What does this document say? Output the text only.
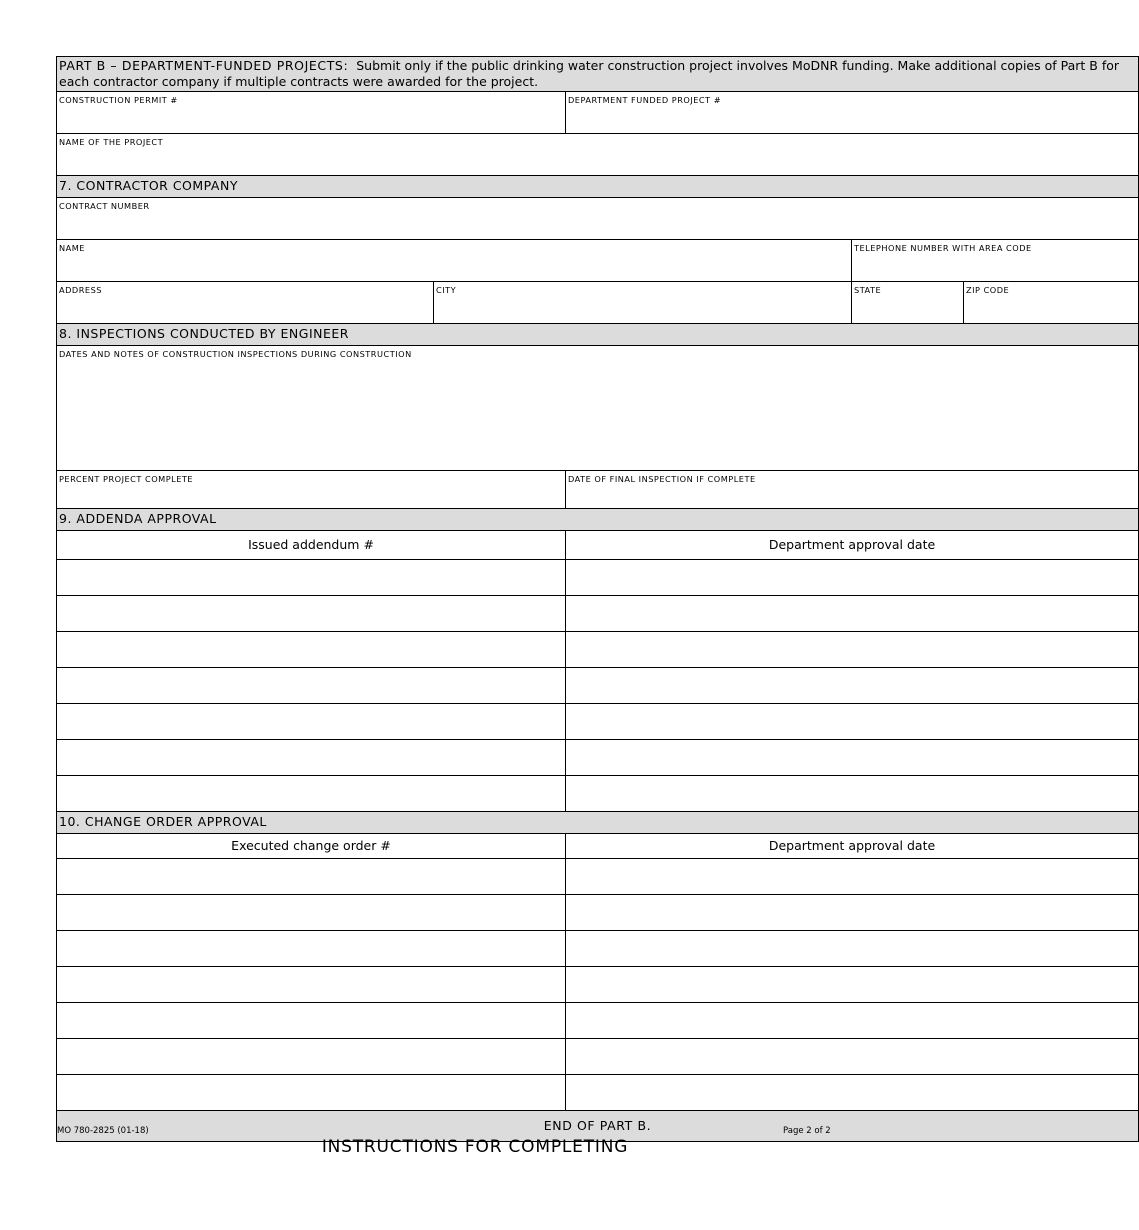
PART B – DEPARTMENT-FUNDED PROJECTS: Submit only if the public drinking water construction project involves MoDNR funding. Make additional copies of Part B for each contractor company if multiple contracts were awarded for the project.				
CONSTRUCTION PERMIT #		DEPARTMENT FUNDED PROJECT #		
NAME OF THE PROJECT				
7. CONTRACTOR COMPANY				
CONTRACT NUMBER				
NAME			TELEPHONE NUMBER WITH AREA CODE	
ADDRESS	CITY		STATE	ZIP CODE
8. INSPECTIONS CONDUCTED BY ENGINEER				
DATES AND NOTES OF CONSTRUCTION INSPECTIONS DURING CONSTRUCTION				
PERCENT PROJECT COMPLETE		DATE OF FINAL INSPECTION IF COMPLETE		
9. ADDENDA APPROVAL				
Issued addendum #		Department approval date		

10. CHANGE ORDER APPROVAL				
Executed change order #		Department approval date		

END OF PART B.				
MO 780-2825 (01-18)	Page 2 of 2
INSTRUCTIONS FOR COMPLETING
